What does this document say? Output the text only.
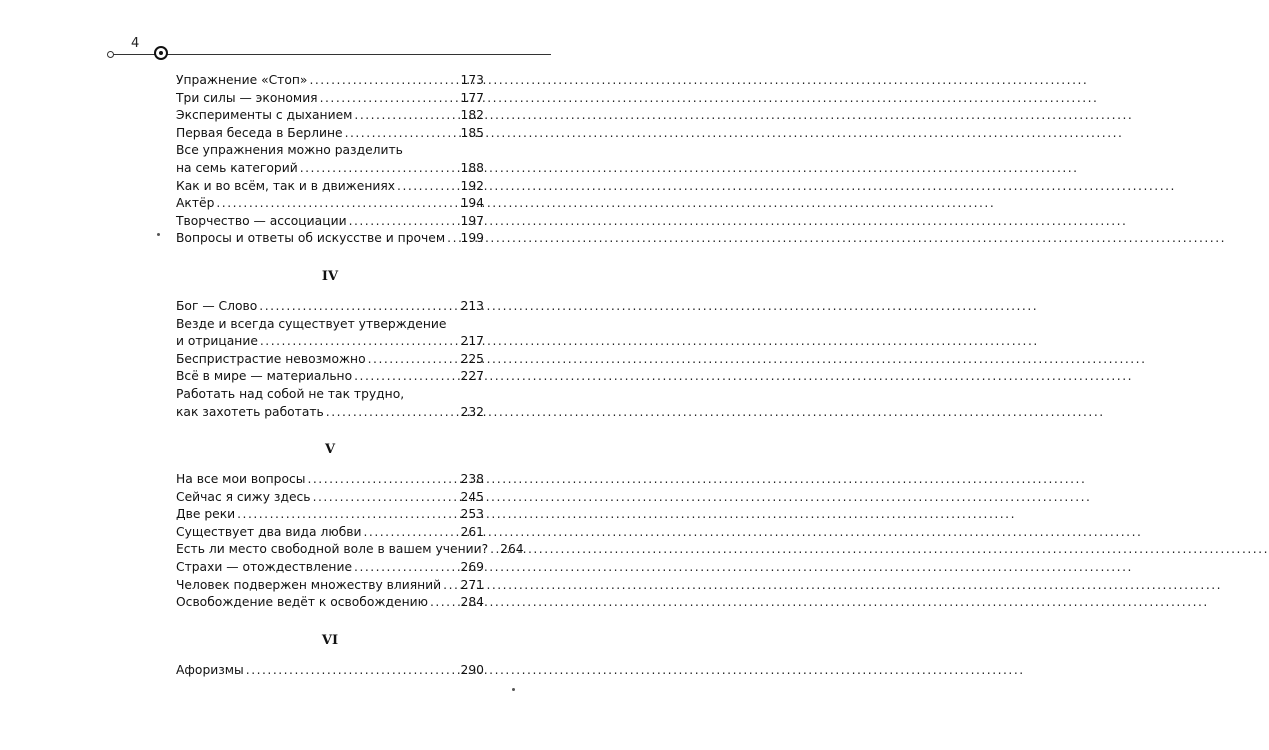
4
Упражнение «Стоп» .....	173
Три силы — экономия .....	177
Эксперименты с дыханием .....	182
Первая беседа в Берлине .....	185
Все упражнения можно разделить
на семь категорий .....	188
Как и во всём, так и в движениях .....	192
Актёр .....	194
Творчество — ассоциации .....	197
Вопросы и ответы об искусстве и прочем ..... 199
IV
Бог — Слово .....	213
Везде и всегда существует утверждение
и отрицание .....	217
Беспристрастие невозможно .....	225
Всё в мире — материально .....	227
Работать над собой не так трудно,
как захотеть работать .....	232
V
На все мои вопросы .....	238
Сейчас я сижу здесь .....	245
Две реки .....	253
Существует два вида любви .....	261
Есть ли место свободной воле в вашем учении? ..... 264
Страхи — отождествление .....	269
Человек подвержен множеству влияний ..... 271
Освобождение ведёт к освобождению .....	284
VI
Афоризмы .....	290
